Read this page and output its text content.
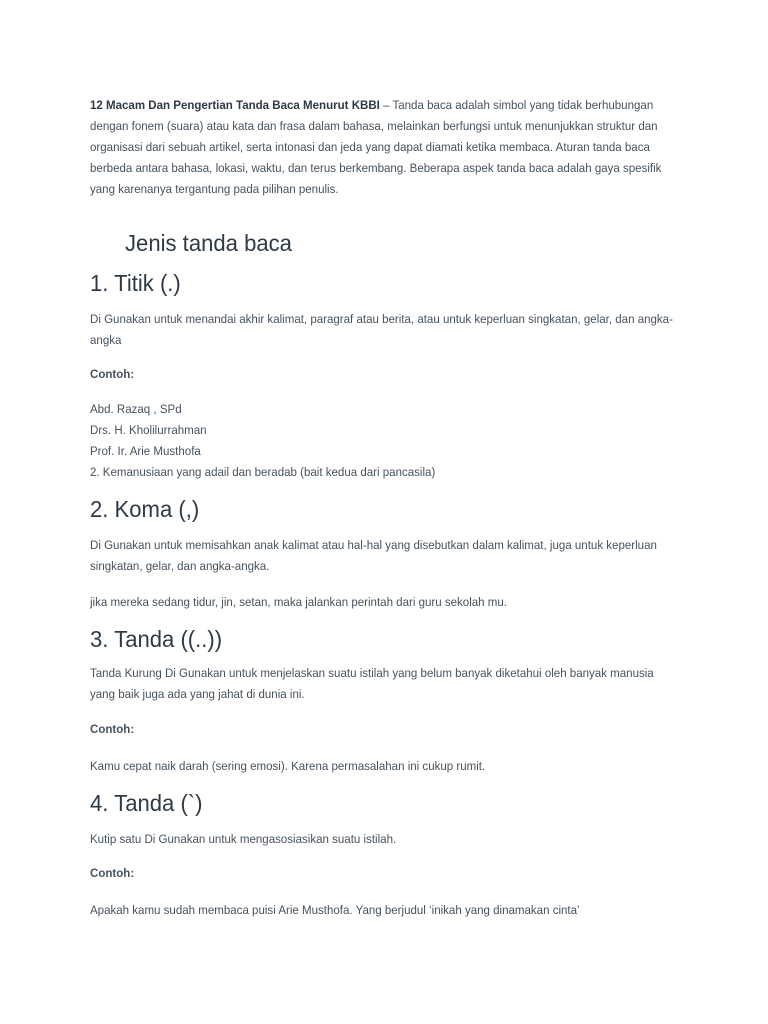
12 Macam Dan Pengertian Tanda Baca Menurut KBBI – Tanda baca adalah simbol yang tidak berhubungan dengan fonem (suara) atau kata dan frasa dalam bahasa, melainkan berfungsi untuk menunjukkan struktur dan organisasi dari sebuah artikel, serta intonasi dan jeda yang dapat diamati ketika membaca. Aturan tanda baca berbeda antara bahasa, lokasi, waktu, dan terus berkembang. Beberapa aspek tanda baca adalah gaya spesifik yang karenanya tergantung pada pilihan penulis.

Jenis tanda baca
1. Titik (.)

Di Gunakan untuk menandai akhir kalimat, paragraf atau berita, atau untuk keperluan singkatan, gelar, dan angka-angka

Contoh:

Abd. Razaq , SPd
Drs. H. Kholilurrahman
Prof. Ir. Arie Musthofa
2. Kemanusiaan yang adail dan beradab (bait kedua dari pancasila)
2. Koma (,)

Di Gunakan untuk memisahkan anak kalimat atau hal-hal yang disebutkan dalam kalimat, juga untuk keperluan singkatan, gelar, dan angka-angka.

jika mereka sedang tidur, jin, setan, maka jalankan perintah dari guru sekolah mu.

3. Tanda ((..))

Tanda Kurung Di Gunakan untuk menjelaskan suatu istilah yang belum banyak diketahui oleh banyak manusia yang baik juga ada yang jahat di dunia ini.

Contoh:

Kamu cepat naik darah (sering emosi). Karena permasalahan ini cukup rumit.

4. Tanda (`)

Kutip satu Di Gunakan untuk mengasosiasikan suatu istilah.

Contoh:

Apakah kamu sudah membaca puisi Arie Musthofa. Yang berjudul ‘inikah yang dinamakan cinta’
